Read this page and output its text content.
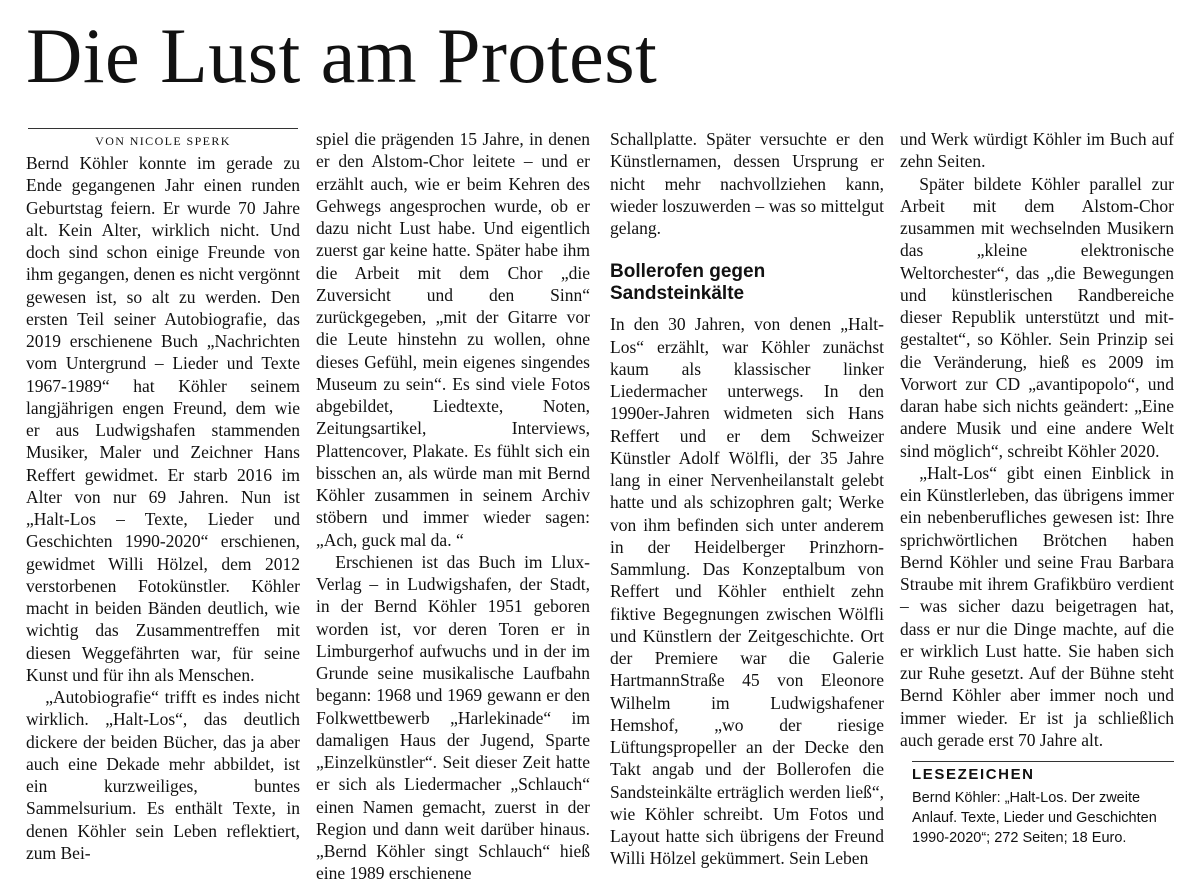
Die Lust am Protest
VON NICOLE SPERK

Bernd Köhler konnte im gerade zu Ende gegangenen Jahr einen runden Geburtstag feiern. Er wurde 70 Jahre alt. Kein Alter, wirklich nicht. Und doch sind schon einige Freunde von ihm gegangen, denen es nicht vergönnt gewesen ist, so alt zu werden. Den ersten Teil seiner Autobiografie, das 2019 erschienene Buch „Nachrichten vom Untergrund – Lieder und Texte 1967-1989“ hat Köhler seinem langjährigen engen Freund, dem wie er aus Ludwigshafen stammenden Musiker, Maler und Zeichner Hans Reffert gewidmet. Er starb 2016 im Alter von nur 69 Jahren. Nun ist „Halt-Los – Texte, Lieder und Geschichten 1990-2020“ erschienen, gewidmet Willi Hölzel, dem 2012 verstorbenen Fotokünstler. Köhler macht in beiden Bänden deutlich, wie wichtig das Zusammentreffen mit diesen Weggefährten war, für seine Kunst und für ihn als Menschen.

„Autobiografie“ trifft es indes nicht wirklich. „Halt-Los“, das deutlich dickere der beiden Bücher, das ja aber auch eine Dekade mehr abbildet, ist ein kurzweiliges, buntes Sammelsurium. Es enthält Texte, in denen Köhler sein Leben reflektiert, zum Bei-

spiel die prägenden 15 Jahre, in denen er den Alstom-Chor leitete – und er erzählt auch, wie er beim Kehren des Gehwegs angesprochen wurde, ob er dazu nicht Lust habe. Und eigentlich zuerst gar keine hatte. Später habe ihm die Arbeit mit dem Chor „die Zuversicht und den Sinn“ zurückgegeben, „mit der Gitarre vor die Leute hinstehn zu wollen, ohne dieses Gefühl, mein eigenes singendes Museum zu sein“. Es sind viele Fotos abgebildet, Liedtexte, Noten, Zeitungsartikel, Interviews, Plattencover, Plakate. Es fühlt sich ein bisschen an, als würde man mit Bernd Köhler zusammen in seinem Archiv stöbern und immer wieder sagen: „Ach, guck mal da. “

Erschienen ist das Buch im Llux-Verlag – in Ludwigshafen, der Stadt, in der Bernd Köhler 1951 geboren worden ist, vor deren Toren er in Limburgerhof aufwuchs und in der im Grunde seine musikalische Laufbahn begann: 1968 und 1969 gewann er den Folkwettbewerb „Harlekinade“ im damaligen Haus der Jugend, Sparte „Einzelkünstler“. Seit dieser Zeit hatte er sich als Liedermacher „Schlauch“ einen Namen gemacht, zuerst in der Region und dann weit darüber hinaus. „Bernd Köhler singt Schlauch“ hieß eine 1989 erschienene

Schallplatte. Später versuchte er den Künstlernamen, dessen Ursprung er nicht mehr nachvollziehen kann, wieder loszuwerden – was so mittelgut gelang.

Bollerofen gegen Sandsteinkälte

In den 30 Jahren, von denen „Halt-Los“ erzählt, war Köhler zunächst kaum als klassischer linker Liedermacher unterwegs. In den 1990er-Jahren widmeten sich Hans Reffert und er dem Schweizer Künstler Adolf Wölfli, der 35 Jahre lang in einer Nervenheilanstalt gelebt hatte und als schizophren galt; Werke von ihm befinden sich unter anderem in der Heidelberger Prinzhorn-Sammlung. Das Konzeptalbum von Reffert und Köhler enthielt zehn fiktive Begegnungen zwischen Wölfli und Künstlern der Zeitgeschichte. Ort der Premiere war die Galerie HartmannStraße 45 von Eleonore Wilhelm im Ludwigshafener Hemshof, „wo der riesige Lüftungspropeller an der Decke den Takt angab und der Bollerofen die Sandsteinkälte erträglich werden ließ“, wie Köhler schreibt. Um Fotos und Layout hatte sich übrigens der Freund Willi Hölzel gekümmert. Sein Leben

und Werk würdigt Köhler im Buch auf zehn Seiten.

Später bildete Köhler parallel zur Arbeit mit dem Alstom-Chor zusammen mit wechselnden Musikern das „kleine elektronische Weltorchester“, das „die Bewegungen und künstlerischen Randbereiche dieser Republik unterstützt und mit-gestaltet“, so Köhler. Sein Prinzip sei die Veränderung, hieß es 2009 im Vorwort zur CD „avantipopolo“, und daran habe sich nichts geändert: „Eine andere Musik und eine andere Welt sind möglich“, schreibt Köhler 2020.

„Halt-Los“ gibt einen Einblick in ein Künstlerleben, das übrigens immer ein nebenberufliches gewesen ist: Ihre sprichwörtlichen Brötchen haben Bernd Köhler und seine Frau Barbara Straube mit ihrem Grafikbüro verdient – was sicher dazu beigetragen hat, dass er nur die Dinge machte, auf die er wirklich Lust hatte. Sie haben sich zur Ruhe gesetzt. Auf der Bühne steht Bernd Köhler aber immer noch und immer wieder. Er ist ja schließlich auch gerade erst 70 Jahre alt.

LESEZEICHEN
Bernd Köhler: „Halt-Los. Der zweite Anlauf. Texte, Lieder und Geschichten 1990-2020“; 272 Seiten; 18 Euro.
